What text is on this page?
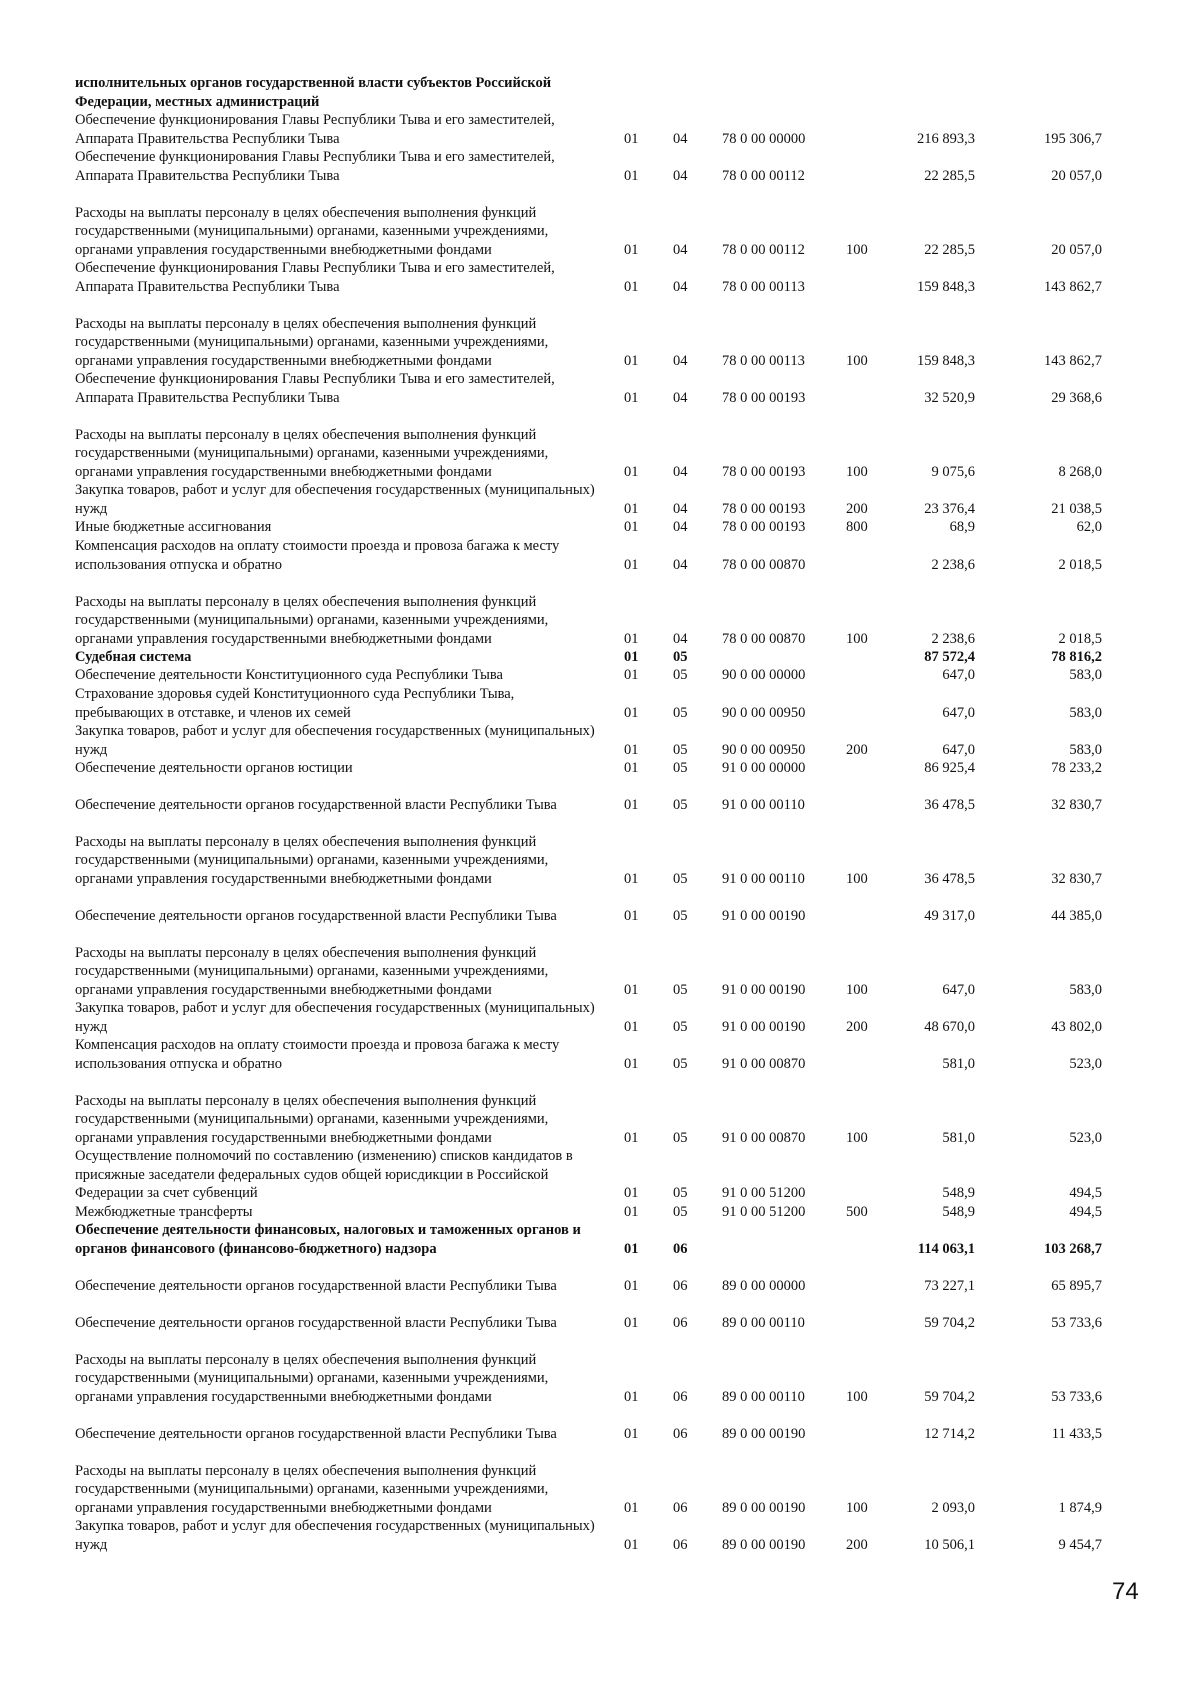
исполнительных органов государственной власти субъектов Российской Федерации, местных администраций
Обеспечение функционирования Главы Республики Тыва и его заместителей, Аппарата Правительства Республики Тыва	01 04 78 0 00 00000	216 893,3	195 306,7
Обеспечение функционирования Главы Республики Тыва и его заместителей, Аппарата Правительства Республики Тыва	01 04 78 0 00 00112	22 285,5	20 057,0
Расходы на выплаты персоналу в целях обеспечения выполнения функций государственными (муниципальными) органами, казенными учреждениями, органами управления государственными внебюджетными фондами	01 04 78 0 00 00112	100	22 285,5	20 057,0
Обеспечение функционирования Главы Республики Тыва и его заместителей, Аппарата Правительства Республики Тыва	01 04 78 0 00 00113	159 848,3	143 862,7
Расходы на выплаты персоналу в целях обеспечения выполнения функций государственными (муниципальными) органами, казенными учреждениями, органами управления государственными внебюджетными фондами	01 04 78 0 00 00113	100	159 848,3	143 862,7
Обеспечение функционирования Главы Республики Тыва и его заместителей, Аппарата Правительства Республики Тыва	01 04 78 0 00 00193	32 520,9	29 368,6
Расходы на выплаты персоналу в целях обеспечения выполнения функций государственными (муниципальными) органами, казенными учреждениями, органами управления государственными внебюджетными фондами	01 04 78 0 00 00193	100	9 075,6	8 268,0
Закупка товаров, работ и услуг для обеспечения государственных (муниципальных) нужд	01 04 78 0 00 00193	200	23 376,4	21 038,5
Иные бюджетные ассигнования	01 04 78 0 00 00193	800	68,9	62,0
Компенсация расходов на оплату стоимости проезда и провоза багажа к месту использования отпуска и обратно	01 04 78 0 00 00870	2 238,6	2 018,5
Расходы на выплаты персоналу в целях обеспечения выполнения функций государственными (муниципальными) органами, казенными учреждениями, органами управления государственными внебюджетными фондами	01 04 78 0 00 00870	100	2 238,6	2 018,5
Судебная система	01 05	87 572,4	78 816,2
Обеспечение деятельности Конституционного суда Республики Тыва	01 05 90 0 00 00000	647,0	583,0
Страхование здоровья судей Конституционного суда Республики Тыва, пребывающих в отставке, и членов их семей	01 05 90 0 00 00950	647,0	583,0
Закупка товаров, работ и услуг для обеспечения государственных (муниципальных) нужд	01 05 90 0 00 00950	200	647,0	583,0
Обеспечение деятельности органов юстиции	01 05 91 0 00 00000	86 925,4	78 233,2
Обеспечение деятельности органов государственной власти Республики Тыва	01 05 91 0 00 00110	36 478,5	32 830,7
Расходы на выплаты персоналу в целях обеспечения выполнения функций государственными (муниципальными) органами, казенными учреждениями, органами управления государственными внебюджетными фондами	01 05 91 0 00 00110	100	36 478,5	32 830,7
Обеспечение деятельности органов государственной власти Республики Тыва	01 05 91 0 00 00190	49 317,0	44 385,0
Расходы на выплаты персоналу в целях обеспечения выполнения функций государственными (муниципальными) органами, казенными учреждениями, органами управления государственными внебюджетными фондами	01 05 91 0 00 00190	100	647,0	583,0
Закупка товаров, работ и услуг для обеспечения государственных (муниципальных) нужд	01 05 91 0 00 00190	200	48 670,0	43 802,0
Компенсация расходов на оплату стоимости проезда и провоза багажа к месту использования отпуска и обратно	01 05 91 0 00 00870	581,0	523,0
Расходы на выплаты персоналу в целях обеспечения выполнения функций государственными (муниципальными) органами, казенными учреждениями, органами управления государственными внебюджетными фондами	01 05 91 0 00 00870	100	581,0	523,0
Осуществление полномочий по составлению (изменению) списков кандидатов в присяжные заседатели федеральных судов общей юрисдикции в Российской Федерации за счет субвенций	01 05 91 0 00 51200	548,9	494,5
Межбюджетные трансферты	01 05 91 0 00 51200	500	548,9	494,5
Обеспечение деятельности финансовых, налоговых и таможенных органов и органов финансового (финансово-бюджетного) надзора	01 06	114 063,1	103 268,7
Обеспечение деятельности органов государственной власти Республики Тыва	01 06 89 0 00 00000	73 227,1	65 895,7
Обеспечение деятельности органов государственной власти Республики Тыва	01 06 89 0 00 00110	59 704,2	53 733,6
Расходы на выплаты персоналу в целях обеспечения выполнения функций государственными (муниципальными) органами, казенными учреждениями, органами управления государственными внебюджетными фондами	01 06 89 0 00 00110	100	59 704,2	53 733,6
Обеспечение деятельности органов государственной власти Республики Тыва	01 06 89 0 00 00190	12 714,2	11 433,5
Расходы на выплаты персоналу в целях обеспечения выполнения функций государственными (муниципальными) органами, казенными учреждениями, органами управления государственными внебюджетными фондами	01 06 89 0 00 00190	100	2 093,0	1 874,9
Закупка товаров, работ и услуг для обеспечения государственных (муниципальных) нужд	01 06 89 0 00 00190	200	10 506,1	9 454,7
74
